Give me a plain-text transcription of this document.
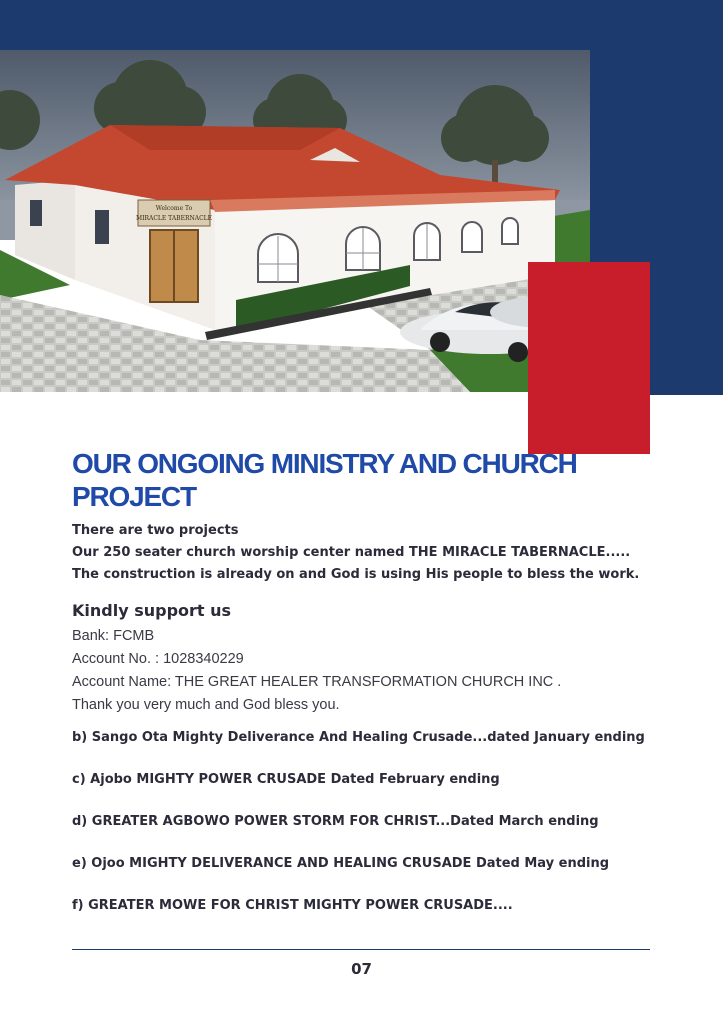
Welcome To
MIRACLE TABERNACLE
OUR ONGOING MINISTRY AND CHURCH PROJECT
There are two projects
Our 250 seater church worship center named THE MIRACLE TABERNACLE.....
The construction is already on and God is using His people to bless the work.
Kindly support us
Bank: FCMB
Account No. : 1028340229
Account Name: THE GREAT HEALER TRANSFORMATION CHURCH INC .
Thank you very much and God bless you.
b) Sango Ota Mighty Deliverance And Healing Crusade...dated January ending
c) Ajobo MIGHTY POWER CRUSADE Dated February ending
d) GREATER AGBOWO POWER STORM FOR CHRIST...Dated March ending
e) Ojoo MIGHTY DELIVERANCE AND HEALING CRUSADE Dated May ending
f) GREATER MOWE FOR CHRIST MIGHTY POWER CRUSADE....
07
